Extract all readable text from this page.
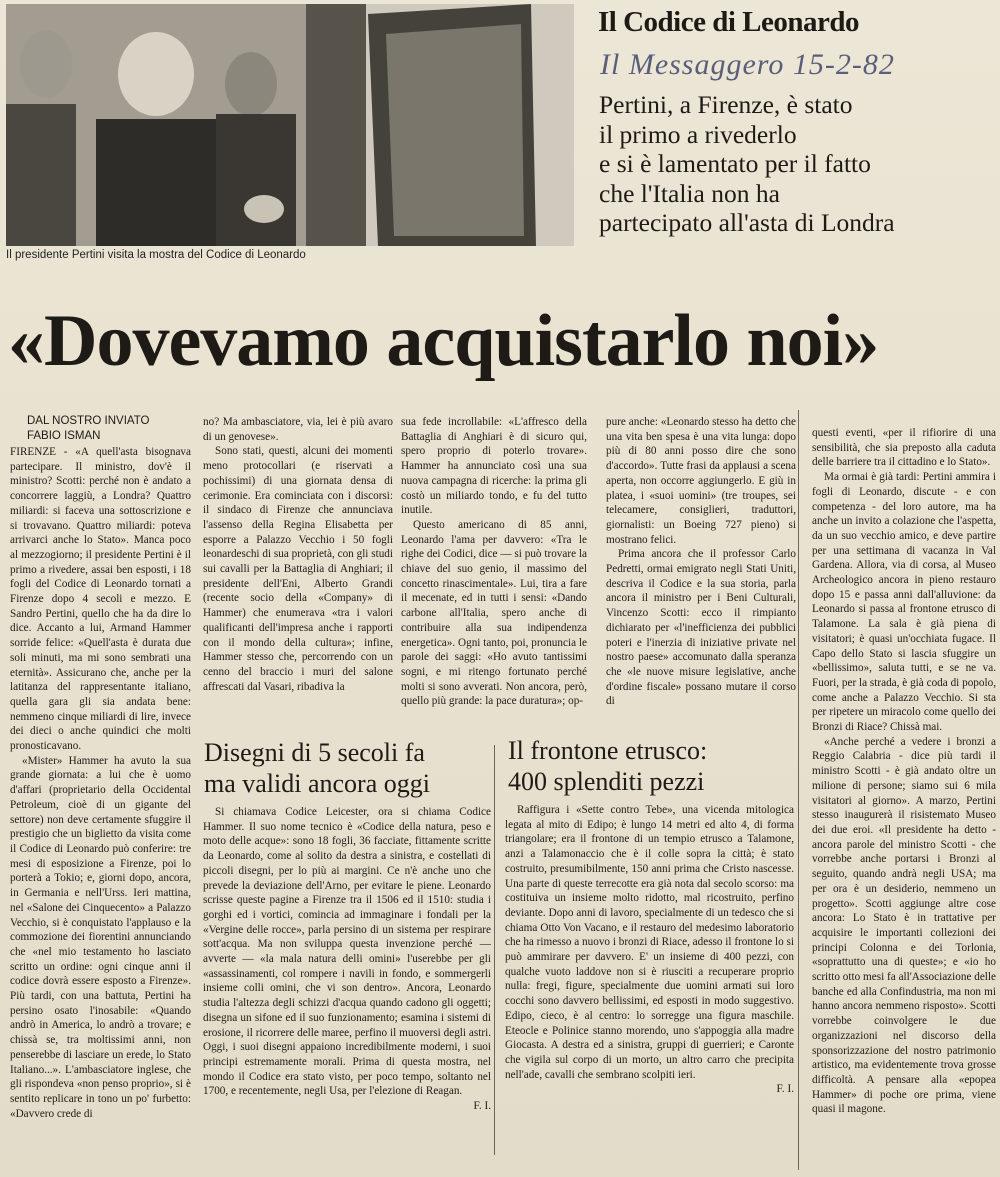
Il presidente Pertini visita la mostra del Codice di Leonardo
Il Codice di Leonardo
Il Messaggero 15-2-82
Pertini, a Firenze, è stato
il primo a rivederlo
e si è lamentato per il fatto
che l'Italia non ha
partecipato all'asta di Londra
«Dovevamo acquistarlo noi»
DAL NOSTRO INVIATO
FABIO ISMAN

FIRENZE - «A quell'asta bisognava partecipare. Il ministro, dov'è il ministro? Scotti: perché non è andato a concorrere laggiù, a Londra? Quattro miliardi: si faceva una sottoscrizione e si trovavano. Quattro miliardi: poteva arrivarci anche lo Stato». Manca poco al mezzogiorno; il presidente Pertini è il primo a rivedere, assai ben esposti, i 18 fogli del Codice di Leonardo tornati a Firenze dopo 4 secoli e mezzo. E Sandro Pertini, quello che ha da dire lo dice. Accanto a lui, Armand Hammer sorride felice: «Quell'asta è durata due soli minuti, ma mi sono sembrati una eternità». Assicurano che, anche per la latitanza del rappresentante italiano, quella gara gli sia andata bene: nemmeno cinque miliardi di lire, invece dei dieci o anche quindici che molti pronosticavano.

«Mister» Hammer ha avuto la sua grande giornata: a lui che è uomo d'affari (proprietario della Occidental Petroleum, cioè di un gigante del settore) non deve certamente sfuggire il prestigio che un biglietto da visita come il Codice di Leonardo può conferire: tre mesi di esposizione a Firenze, poi lo porterà a Tokio; e, giorni dopo, ancora, in Germania e nell'Urss. Ieri mattina, nel «Salone dei Cinquecento» a Palazzo Vecchio, si è conquistato l'applauso e la commozione dei fiorentini annunciando che «nel mio testamento ho lasciato scritto un ordine: ogni cinque anni il codice dovrà essere esposto a Firenze». Più tardi, con una battuta, Pertini ha persino osato l'inosabile: «Quando andrò in America, lo andrò a trovare; e chissà se, tra moltissimi anni, non penserebbe di lasciare un erede, lo Stato Italiano...». L'ambasciatore inglese, che gli rispondeva «non penso proprio», si è sentito replicare in tono un po' furbetto: «Davvero crede di

no? Ma ambasciatore, via, lei è più avaro di un genovese».

Sono stati, questi, alcuni dei momenti meno protocollari (e riservati a pochissimi) di una giornata densa di cerimonie. Era cominciata con i discorsi: il sindaco di Firenze che annunciava l'assenso della Regina Elisabetta per esporre a Palazzo Vecchio i 50 fogli leonardeschi di sua proprietà, con gli studi sui cavalli per la Battaglia di Anghiari; il presidente dell'Eni, Alberto Grandi (recente socio della «Company» di Hammer) che enumerava «tra i valori qualificanti dell'impresa anche i rapporti con il mondo della cultura»; infine, Hammer stesso che, percorrendo con un cenno del braccio i muri del salone affrescati dal Vasari, ribadiva la

sua fede incrollabile: «L'affresco della Battaglia di Anghiari è di sicuro qui, spero proprio di poterlo trovare». Hammer ha annunciato così una sua nuova campagna di ricerche: la prima gli costò un miliardo tondo, e fu del tutto inutile.

Questo americano di 85 anni, Leonardo l'ama per davvero: «Tra le righe dei Codici, dice — si può trovare la chiave del suo genio, il massimo del concetto rinascimentale». Lui, tira a fare il mecenate, ed in tutti i sensi: «Dando carbone all'Italia, spero anche di contribuire alla sua indipendenza energetica». Ogni tanto, poi, pronuncia le parole dei saggi: «Ho avuto tantissimi sogni, e mi ritengo fortunato perché molti si sono avverati. Non ancora, però, quello più grande: la pace duratura»; op-

pure anche: «Leonardo stesso ha detto che una vita ben spesa è una vita lunga: dopo più di 80 anni posso dire che sono d'accordo». Tutte frasi da applausi a scena aperta, non occorre aggiungerlo. E giù in platea, i «suoi uomini» (tre troupes, sei telecamere, consiglieri, traduttori, giornalisti: un Boeing 727 pieno) si mostrano felici.

Prima ancora che il professor Carlo Pedretti, ormai emigrato negli Stati Uniti, descriva il Codice e la sua storia, parla ancora il ministro per i Beni Culturali, Vincenzo Scotti: ecco il rimpianto dichiarato per «l'inefficienza dei pubblici poteri e l'inerzia di iniziative private nel nostro paese» accomunato dalla speranza che «le nuove misure legislative, anche d'ordine fiscale» possano mutare il corso di

questi eventi, «per il rifiorire di una sensibilità, che sia preposto alla caduta delle barriere tra il cittadino e lo Stato».

Ma ormai è già tardi: Pertini ammira i fogli di Leonardo, discute - e con competenza - del loro autore, ma ha anche un invito a colazione che l'aspetta, da un suo vecchio amico, e deve partire per una settimana di vacanza in Val Gardena. Allora, via di corsa, al Museo Archeologico ancora in pieno restauro dopo 15 e passa anni dall'alluvione: da Leonardo si passa al frontone etrusco di Talamone. La sala è già piena di visitatori; è quasi un'occhiata fugace. Il Capo dello Stato si lascia sfuggire un «bellissimo», saluta tutti, e se ne va. Fuori, per la strada, è già coda di popolo, come anche a Palazzo Vecchio. Si sta per ripetere un miracolo come quello dei Bronzi di Riace? Chissà mai.

«Anche perché a vedere i bronzi a Reggio Calabria - dice più tardi il ministro Scotti - è già andato oltre un milione di persone; siamo sui 6 mila visitatori al giorno». A marzo, Pertini stesso inaugurerà il risistemato Museo dei due eroi. «Il presidente ha detto - ancora parole del ministro Scotti - che vorrebbe anche portarsi i Bronzi al seguito, quando andrà negli USA; ma per ora è un desiderio, nemmeno un progetto». Scotti aggiunge altre cose ancora: Lo Stato è in trattative per acquisire le importanti collezioni dei principi Colonna e dei Torlonia, «soprattutto una di queste»; e «io ho scritto otto mesi fa all'Associazione delle banche ed alla Confindustria, ma non mi hanno ancora nemmeno risposto». Scotti vorrebbe coinvolgere le due organizzazioni nel discorso della sponsorizzazione del nostro patrimonio artistico, ma evidentemente trova grosse difficoltà. A pensare alla «epopea Hammer» di poche ore prima, viene quasi il magone.

Disegni di 5 secoli fa
ma validi ancora oggi

Si chiamava Codice Leicester, ora si chiama Codice Hammer. Il suo nome tecnico è «Codice della natura, peso e moto delle acque»: sono 18 fogli, 36 facciate, fittamente scritte da Leonardo, come al solito da destra a sinistra, e costellati di piccoli disegni, per lo più ai margini. Ce n'è anche uno che prevede la deviazione dell'Arno, per evitare le piene. Leonardo scrisse queste pagine a Firenze tra il 1506 ed il 1510: studia i gorghi ed i vortici, comincia ad immaginare i fondali per la «Vergine delle rocce», parla persino di un sistema per respirare sott'acqua. Ma non sviluppa questa invenzione perché — avverte — «la mala natura delli omini» l'userebbe per gli «assassinamenti, col rompere i navili in fondo, e sommergerli insieme colli omini, che vi son dentro». Ancora, Leonardo studia l'altezza degli schizzi d'acqua quando cadono gli oggetti; disegna un sifone ed il suo funzionamento; esamina i sistemi di erosione, il ricorrere delle maree, perfino il muoversi degli astri. Oggi, i suoi disegni appaiono incredibilmente moderni, i suoi principi estremamente morali. Prima di questa mostra, nel mondo il Codice era stato visto, per poco tempo, soltanto nel 1700, e recentemente, negli Usa, per l'elezione di Reagan.

F. I.
Il frontone etrusco:
400 splenditi pezzi

Raffigura i «Sette contro Tebe», una vicenda mitologica legata al mito di Edipo; è lungo 14 metri ed alto 4, di forma triangolare; era il frontone di un tempio etrusco a Talamone, anzi a Talamonaccio che è il colle sopra la città; è stato costruito, presumibilmente, 150 anni prima che Cristo nascesse. Una parte di queste terrecotte era già nota dal secolo scorso: ma costituiva un insieme molto ridotto, mal ricostruito, perfino deviante. Dopo anni di lavoro, specialmente di un tedesco che si chiama Otto Von Vacano, e il restauro del medesimo laboratorio che ha rimesso a nuovo i bronzi di Riace, adesso il frontone lo si può ammirare per davvero. E' un insieme di 400 pezzi, con qualche vuoto laddove non si è riusciti a recuperare proprio nulla: fregi, figure, specialmente due uomini armati sui loro cocchi sono davvero bellissimi, ed esposti in modo suggestivo. Edipo, cieco, è al centro: lo sorregge una figura maschile. Eteocle e Polinice stanno morendo, uno s'appoggia alla madre Giocasta. A destra ed a sinistra, gruppi di guerrieri; e Caronte che vigila sul corpo di un morto, un altro carro che precipita nell'ade, cavalli che sembrano scolpiti ieri.

F. I.
